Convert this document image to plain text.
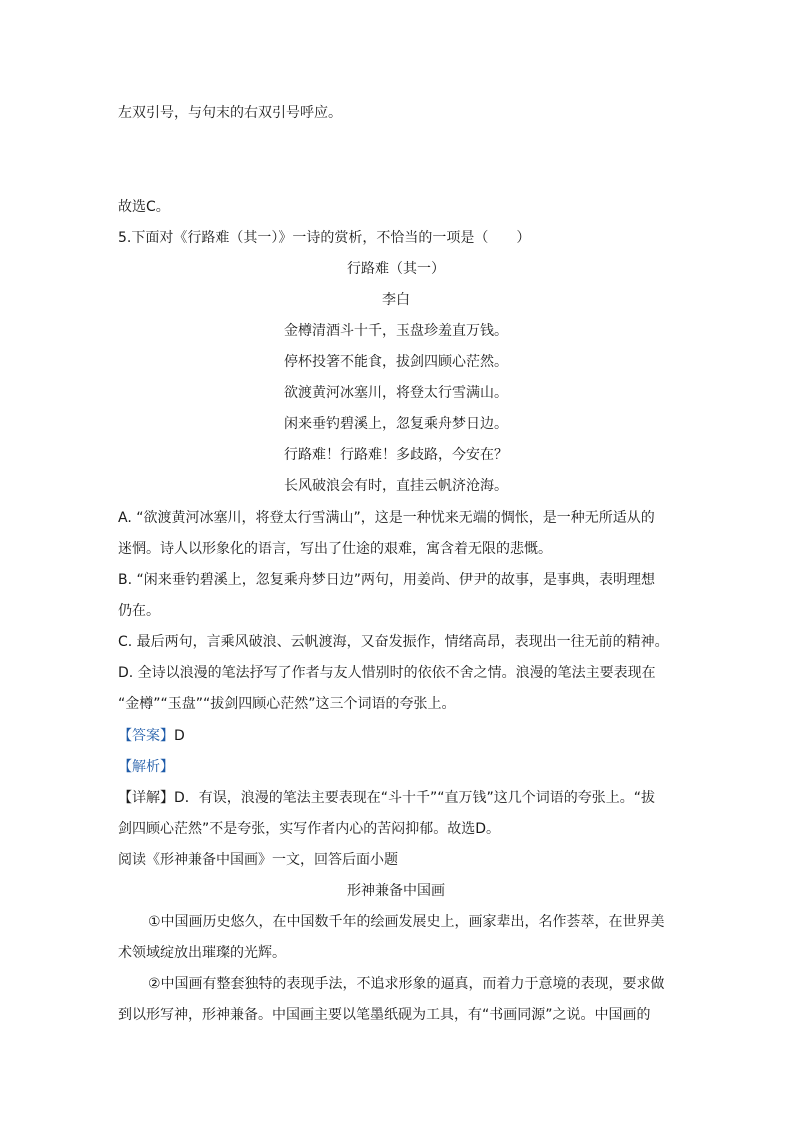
左双引号，与句末的右双引号呼应。
故选C。
5.下面对《行路难（其一）》一诗的赏析，不恰当的一项是（　　）
行路难（其一）
李白
金樽清酒斗十千，玉盘珍羞直万钱。
停杯投箸不能食，拔剑四顾心茫然。
欲渡黄河冰塞川，将登太行雪满山。
闲来垂钓碧溪上，忽复乘舟梦日边。
行路难！行路难！多歧路，今安在？
长风破浪会有时，直挂云帆济沧海。
A. “欲渡黄河冰塞川，将登太行雪满山”，这是一种忧来无端的惆怅，是一种无所适从的
迷惘。诗人以形象化的语言，写出了仕途的艰难，寓含着无限的悲慨。
B. “闲来垂钓碧溪上，忽复乘舟梦日边”两句，用姜尚、伊尹的故事，是事典，表明理想
仍在。
C. 最后两句，言乘风破浪、云帆渡海，又奋发振作，情绪高昂，表现出一往无前的精神。
D. 全诗以浪漫的笔法抒写了作者与友人惜别时的依依不舍之情。浪漫的笔法主要表现在
“金樽”“玉盘”“拔剑四顾心茫然”这三个词语的夸张上。
【答案】D
【解析】
【详解】D．有误，浪漫的笔法主要表现在“斗十千”“直万钱”这几个词语的夸张上。“拔
剑四顾心茫然”不是夸张，实写作者内心的苦闷抑郁。故选D。
阅读《形神兼备中国画》一文，回答后面小题
形神兼备中国画
①中国画历史悠久，在中国数千年的绘画发展史上，画家辈出，名作荟萃，在世界美
术领域绽放出璀璨的光辉。
②中国画有整套独特的表现手法，不追求形象的逼真，而着力于意境的表现，要求做
到以形写神，形神兼备。中国画主要以笔墨纸砚为工具，有“书画同源”之说。中国画的
